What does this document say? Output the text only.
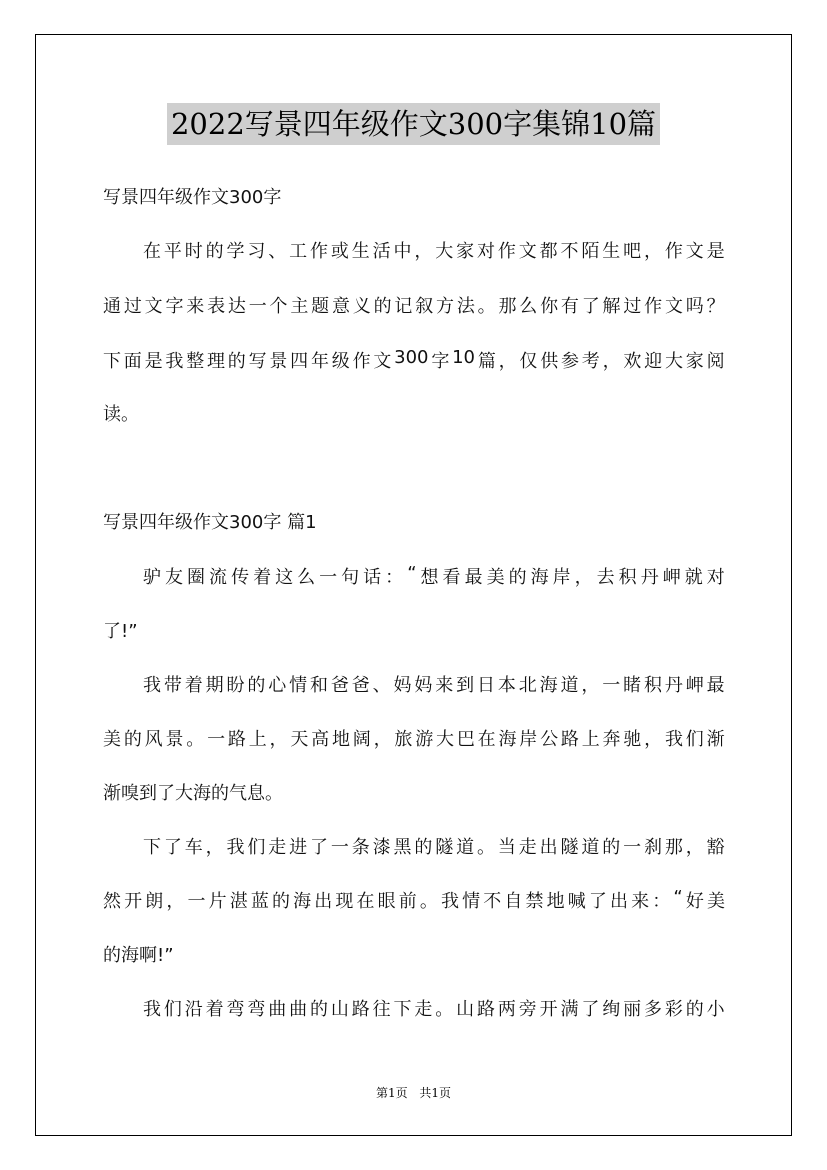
2022写景四年级作文300字集锦10篇
写景四年级作文300字
在 平 时 的 学 习 、 工 作 或 生 活 中 ， 大 家 对 作 文 都 不 陌 生 吧 ， 作 文 是
通 过 文 字 来 表 达 一 个 主 题 意 义 的 记 叙 方 法 。 那 么 你 有 了 解 过 作 文 吗 ？
下 面 是 我 整 理 的 写 景 四 年 级 作 文 300 字 10 篇 ， 仅 供 参 考 ， 欢 迎 大 家 阅
读。
写景四年级作文300字 篇1
驴 友 圈 流 传 着 这 么 一 句 话 ： “ 想 看 最 美 的 海 岸 ， 去 积 丹 岬 就 对
了!”
我 带 着 期 盼 的 心 情 和 爸 爸 、 妈 妈 来 到 日 本 北 海 道 ， 一 睹 积 丹 岬 最
美 的 风 景 。 一 路 上 ， 天 高 地 阔 ， 旅 游 大 巴 在 海 岸 公 路 上 奔 驰 ， 我 们 渐
渐嗅到了大海的气息。
下 了 车 ， 我 们 走 进 了 一 条 漆 黑 的 隧 道 。 当 走 出 隧 道 的 一 刹 那 ， 豁
然 开 朗 ， 一 片 湛 蓝 的 海 出 现 在 眼 前 。 我 情 不 自 禁 地 喊 了 出 来 ： “ 好 美
的海啊!”
我 们 沿 着 弯 弯 曲 曲 的 山 路 往 下 走 。 山 路 两 旁 开 满 了 绚 丽 多 彩 的 小
第1页 共1页
